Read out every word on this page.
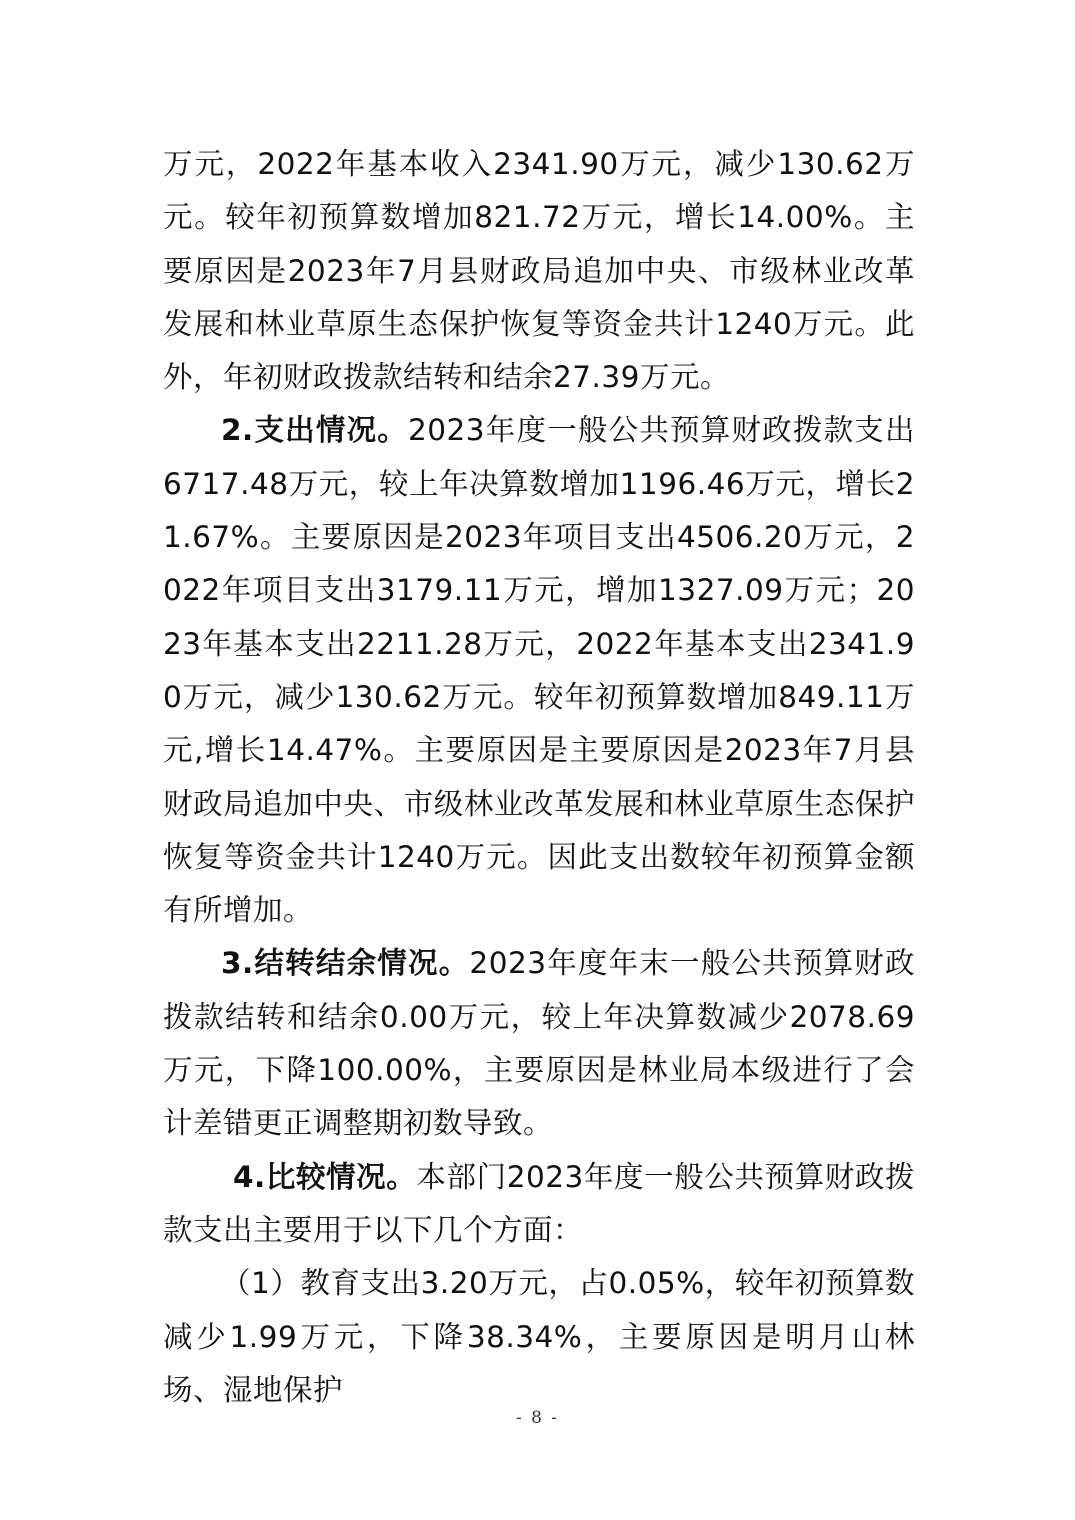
万元，2022年基本收入2341.90万元，减少130.62万元。较年初预算数增加821.72万元，增长14.00%。主要原因是2023年7月县财政局追加中央、市级林业改革发展和林业草原生态保护恢复等资金共计1240万元。此外，年初财政拨款结转和结余27.39万元。

2.支出情况。2023年度一般公共预算财政拨款支出6717.48万元，较上年决算数增加1196.46万元，增长21.67%。主要原因是2023年项目支出4506.20万元，2022年项目支出3179.11万元，增加1327.09万元；2023年基本支出2211.28万元，2022年基本支出2341.90万元，减少130.62万元。较年初预算数增加849.11万元,增长14.47%。主要原因是主要原因是2023年7月县财政局追加中央、市级林业改革发展和林业草原生态保护恢复等资金共计1240万元。因此支出数较年初预算金额有所增加。

3.结转结余情况。2023年度年末一般公共预算财政拨款结转和结余0.00万元，较上年决算数减少2078.69万元，下降100.00%，主要原因是林业局本级进行了会计差错更正调整期初数导致。

4.比较情况。本部门2023年度一般公共预算财政拨款支出主要用于以下几个方面：

（1）教育支出3.20万元，占0.05%，较年初预算数减少1.99万元，下降38.34%，主要原因是明月山林场、湿地保护

- 8 -
